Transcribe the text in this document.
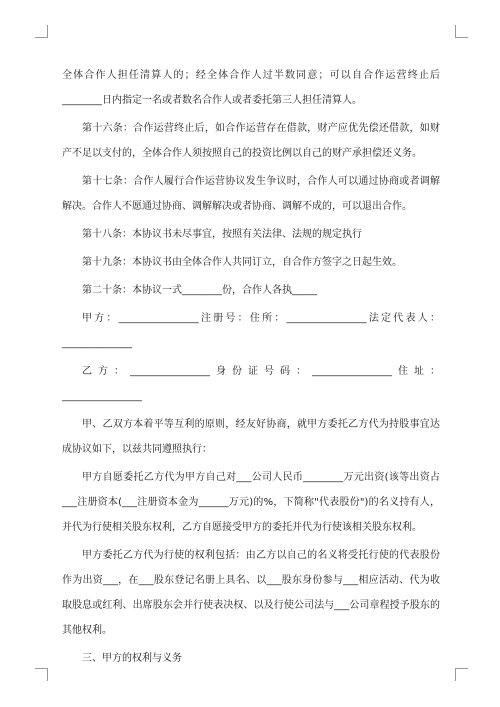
全体合作人担任清算人的；经全体合作人过半数同意；可以自合作运营终止后________日内指定一名或者数名合作人或者委托第三人担任清算人。

第十六条：合作运营终止后，如合作运营存在借款，财产应优先偿还借款，如财产不足以支付的，全体合作人须按照自己的投资比例以自己的财产承担偿还义务。

第十七条：合作人履行合作运营协议发生争议时，合作人可以通过协商或者调解解决。合作人不愿通过协商、调解解决或者协商、调解不成的，可以退出合作。

第十八条：本协议书未尽事宜，按照有关法律、法规的规定执行

第十九条：本协议书由全体合作人共同订立，自合作方签字之日起生效。

第二十条：本协议一式________份，合作人各执_____

甲方：________________注册号：住所：________________法定代表人：______________

乙方：________________身份证号码：________________住址：________________

甲、乙双方本着平等互利的原则，经友好协商，就甲方委托乙方代为持股事宜达成协议如下，以兹共同遵照执行：

甲方自愿委托乙方代为甲方自己对___公司人民币________万元出资(该等出资占___注册资本(___注册资本金为______万元)的%，下简称"代表股份")的名义持有人，并代为行使相关股东权利，乙方自愿接受甲方的委托并代为行使该相关股东权利。

甲方委托乙方代为行使的权利包括：由乙方以自己的名义将受托行使的代表股份作为出资___，在___股东登记名册上具名、以___股东身份参与___相应活动、代为收取股息或红利、出席股东会并行使表决权、以及行使公司法与___公司章程授予股东的其他权利。

三、甲方的权利与义务
